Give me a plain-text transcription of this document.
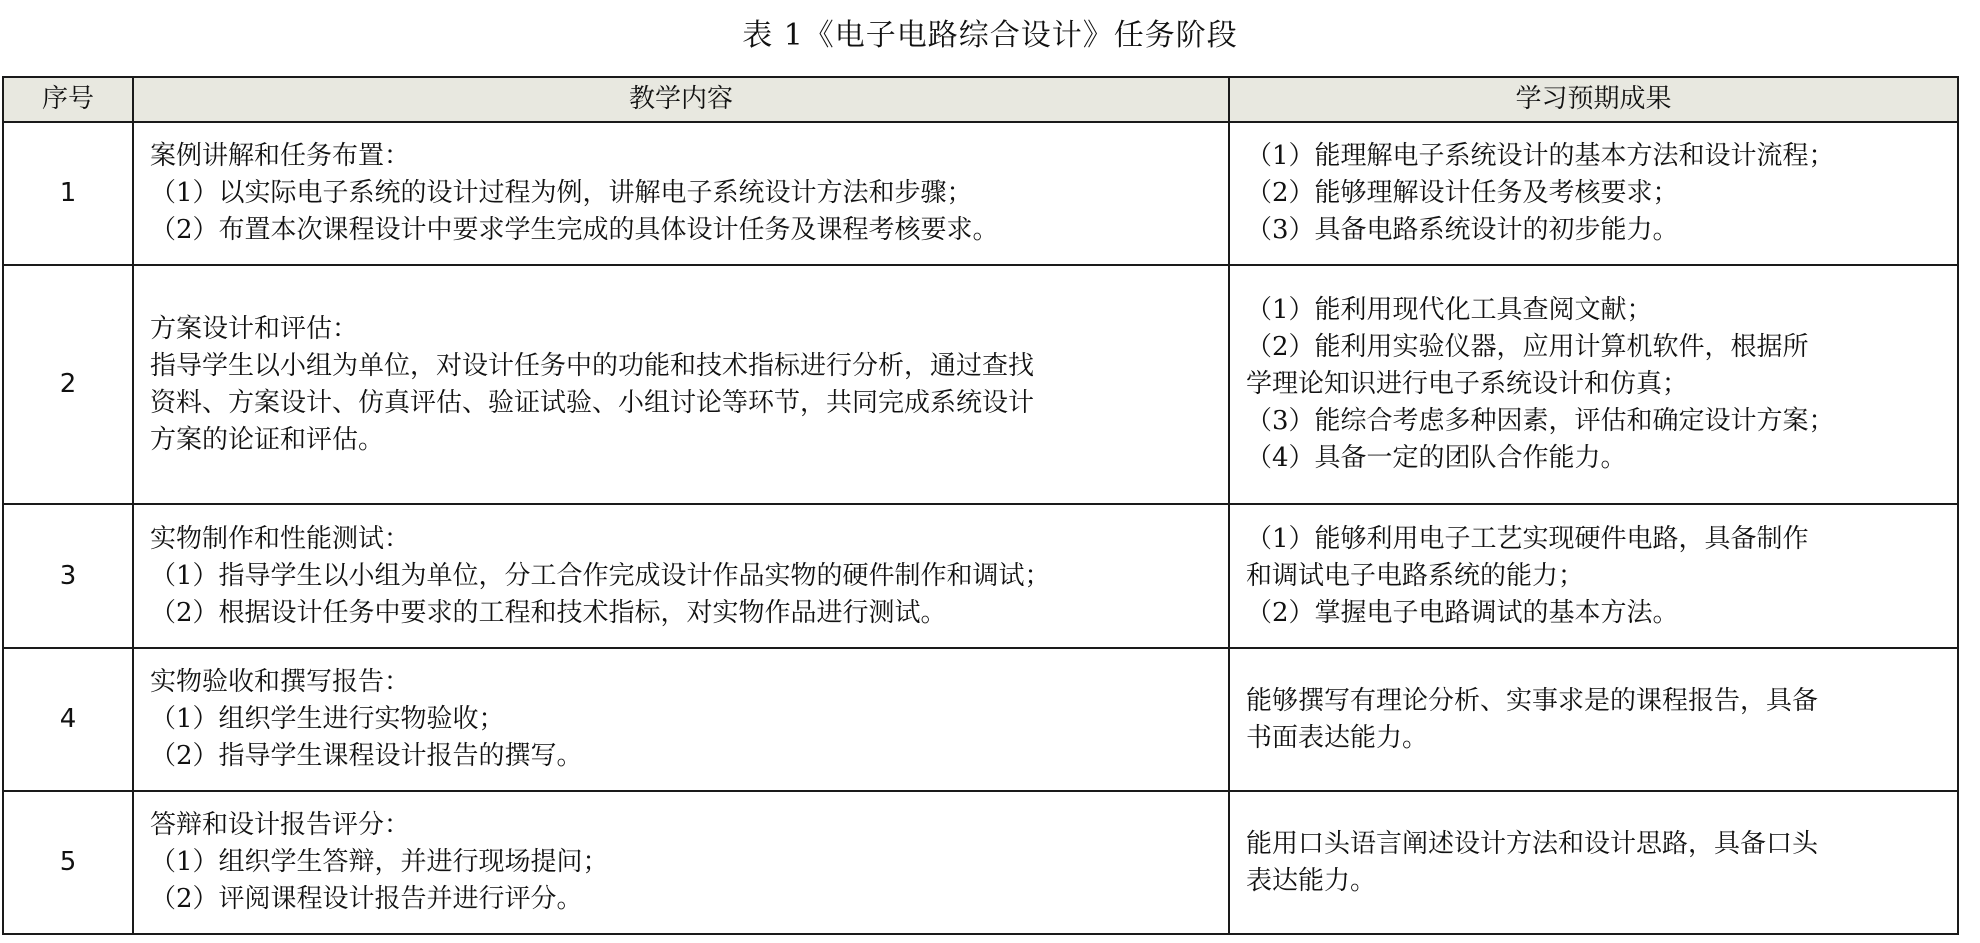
表 1《电子电路综合设计》任务阶段
序号	教学内容	学习预期成果
1	案例讲解和任务布置：
（1）以实际电子系统的设计过程为例，讲解电子系统设计方法和步骤；
（2）布置本次课程设计中要求学生完成的具体设计任务及课程考核要求。	（1）能理解电子系统设计的基本方法和设计流程；
（2）能够理解设计任务及考核要求；
（3）具备电路系统设计的初步能力。

2	方案设计和评估：
指导学生以小组为单位，对设计任务中的功能和技术指标进行分析，通过查找
资料、方案设计、仿真评估、验证试验、小组讨论等环节，共同完成系统设计
方案的论证和评估。	（1）能利用现代化工具查阅文献；
（2）能利用实验仪器，应用计算机软件，根据所
学理论知识进行电子系统设计和仿真；
（3）能综合考虑多种因素，评估和确定设计方案；
（4）具备一定的团队合作能力。

3	实物制作和性能测试：
（1）指导学生以小组为单位，分工合作完成设计作品实物的硬件制作和调试；
（2）根据设计任务中要求的工程和技术指标，对实物作品进行测试。	（1）能够利用电子工艺实现硬件电路，具备制作
和调试电子电路系统的能力；
（2）掌握电子电路调试的基本方法。

4	实物验收和撰写报告：
（1）组织学生进行实物验收；
（2）指导学生课程设计报告的撰写。	能够撰写有理论分析、实事求是的课程报告，具备
书面表达能力。

5	答辩和设计报告评分：
（1）组织学生答辩，并进行现场提问；
（2）评阅课程设计报告并进行评分。	能用口头语言阐述设计方法和设计思路，具备口头
表达能力。
